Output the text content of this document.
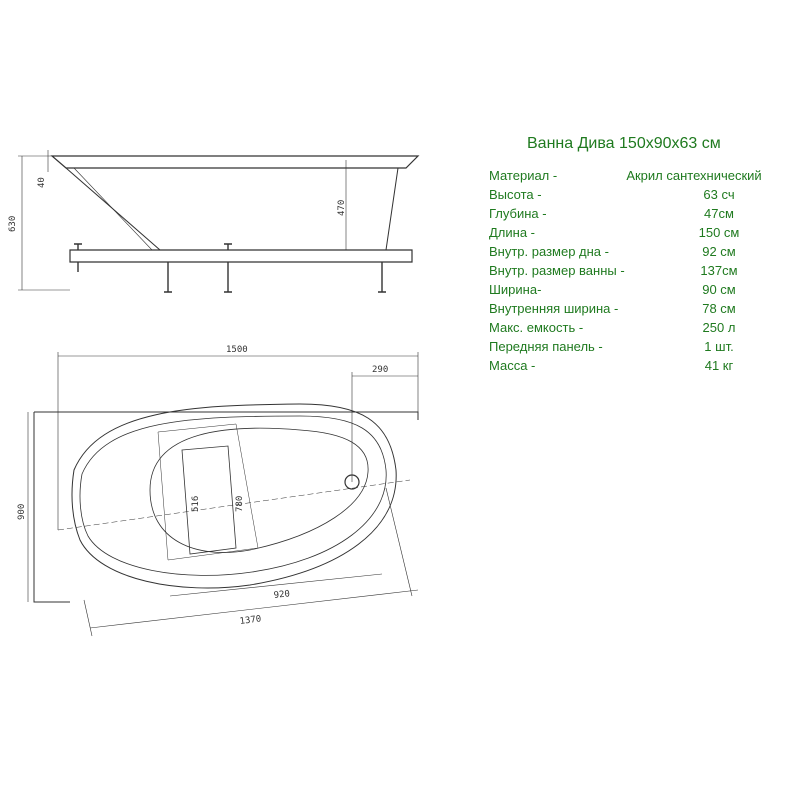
630
40
470
1500
290
900	516	780
920
1370
Ванна Дива 150x90x63 см
Материал -	Акрил сантехнический
Высота -	63 сч
Глубина -	47см
Длина -	150 см
Внутр. размер дна -	92 см
Внутр. размер ванны -	137см
Ширина-	90 см
Внутренняя ширина -	78 см
Макс. емкость -	250 л
Передняя панель -	1 шт.
Масса -	41 кг
